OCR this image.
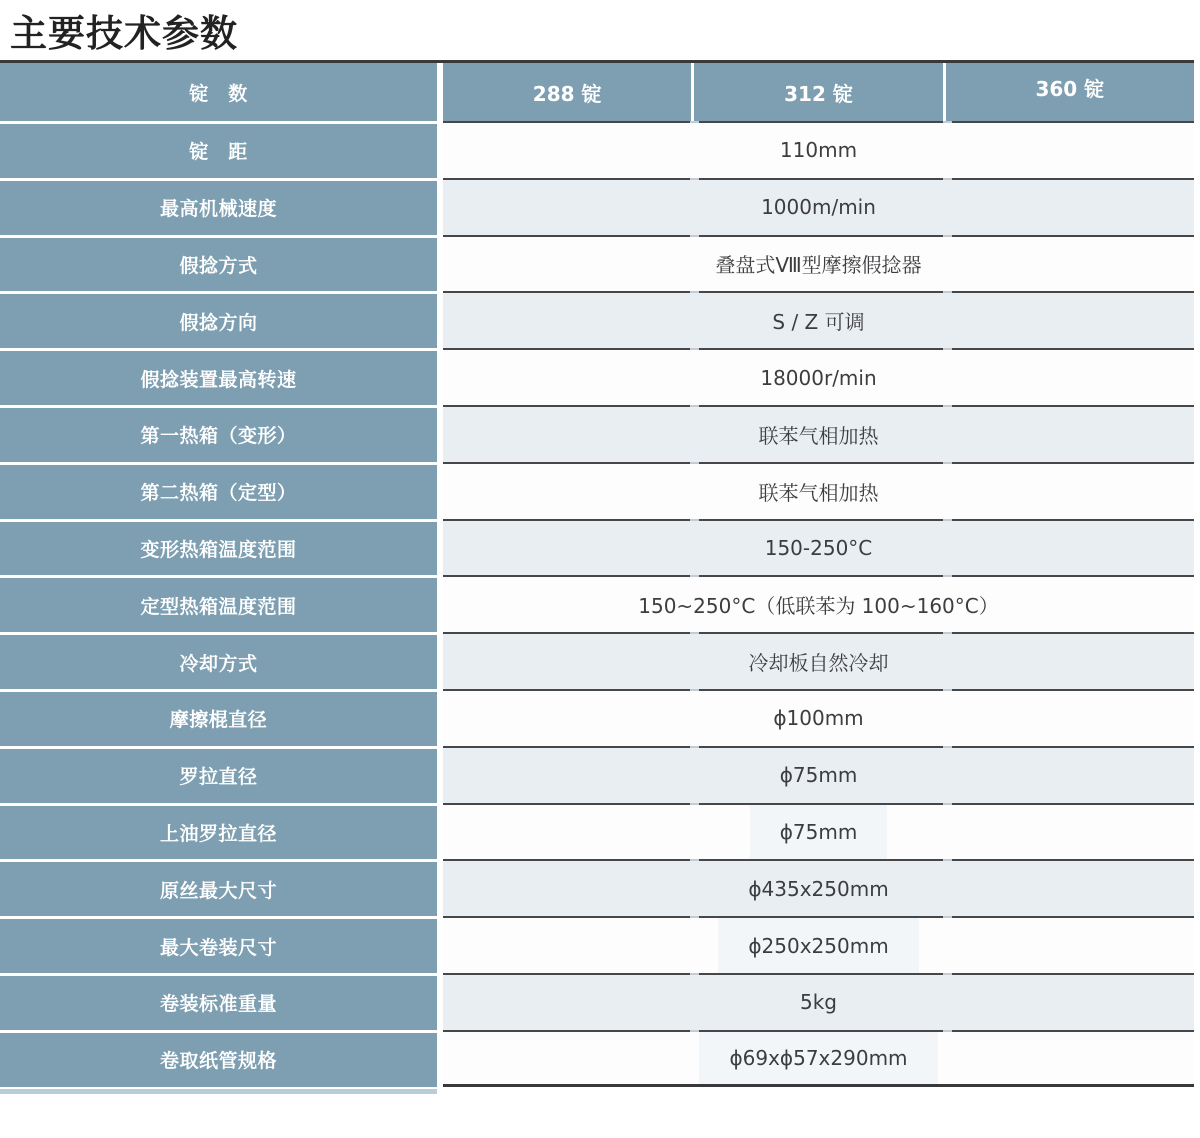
主要技术参数
锭　数	288 锭	312 锭	360 锭
锭　距	110mm
最高机械速度	1000m/min
假捻方式	叠盘式Ⅷ型摩擦假捻器
假捻方向	S / Z 可调
假捻装置最高转速	18000r/min
第一热箱（变形）	联苯气相加热
第二热箱（定型）	联苯气相加热
变形热箱温度范围	150-250°C
定型热箱温度范围	150~250°C（低联苯为 100~160°C）
冷却方式	冷却板自然冷却
摩擦棍直径	ϕ100mm
罗拉直径	ϕ75mm
上油罗拉直径	ϕ75mm
原丝最大尺寸	ϕ435x250mm
最大卷装尺寸	ϕ250x250mm
卷装标准重量	5kg
卷取纸管规格	ϕ69xϕ57x290mm
